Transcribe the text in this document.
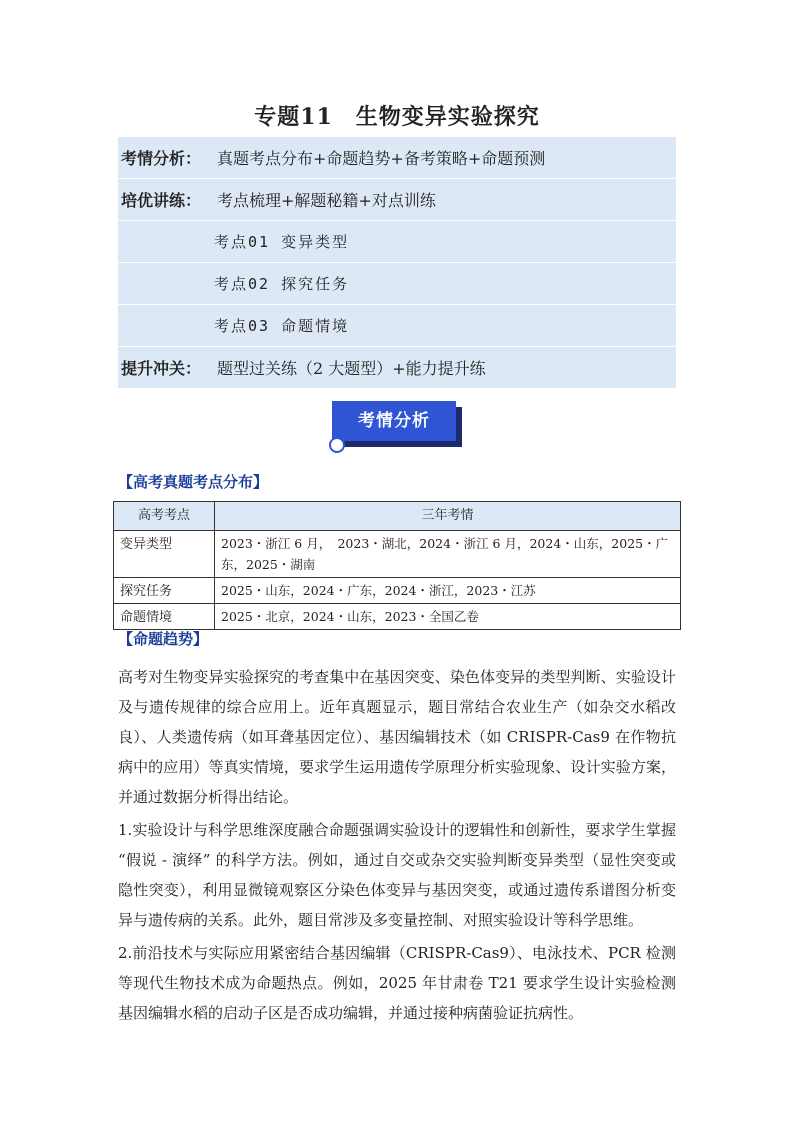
专题11　生物变异实验探究
考情分析： 真题考点分布+命题趋势+备考策略+命题预测
培优讲练： 考点梳理+解题秘籍+对点训练
考点01 变异类型
考点02 探究任务
考点03 命题情境
提升冲关： 题型过关练（2 大题型）+能力提升练
考情分析
【高考真题考点分布】
高考考点	三年考情
变异类型	2023・浙江 6 月，　2023・湖北，2024・浙江 6 月，2024・山东，2025・广东，2025・湖南
探究任务	2025・山东，2024・广东，2024・浙江，2023・江苏
命题情境	2025・北京，2024・山东，2023・全国乙卷
【命题趋势】

高考对生物变异实验探究的考查集中在基因突变、染色体变异的类型判断、实验设计及与遗传规律的综合应用上。近年真题显示，题目常结合农业生产（如杂交水稻改良）、人类遗传病（如耳聋基因定位）、基因编辑技术（如 CRISPR-Cas9 在作物抗病中的应用）等真实情境，要求学生运用遗传学原理分析实验现象、设计实验方案，并通过数据分析得出结论。

1.实验设计与科学思维深度融合命题强调实验设计的逻辑性和创新性，要求学生掌握 “假说 - 演绎” 的科学方法。例如，通过自交或杂交实验判断变异类型（显性突变或隐性突变），利用显微镜观察区分染色体变异与基因突变，或通过遗传系谱图分析变异与遗传病的关系。此外，题目常涉及多变量控制、对照实验设计等科学思维。

2.前沿技术与实际应用紧密结合基因编辑（CRISPR-Cas9）、电泳技术、PCR 检测等现代生物技术成为命题热点。例如，2025 年甘肃卷 T21 要求学生设计实验检测基因编辑水稻的启动子区是否成功编辑，并通过接种病菌验证抗病性。
